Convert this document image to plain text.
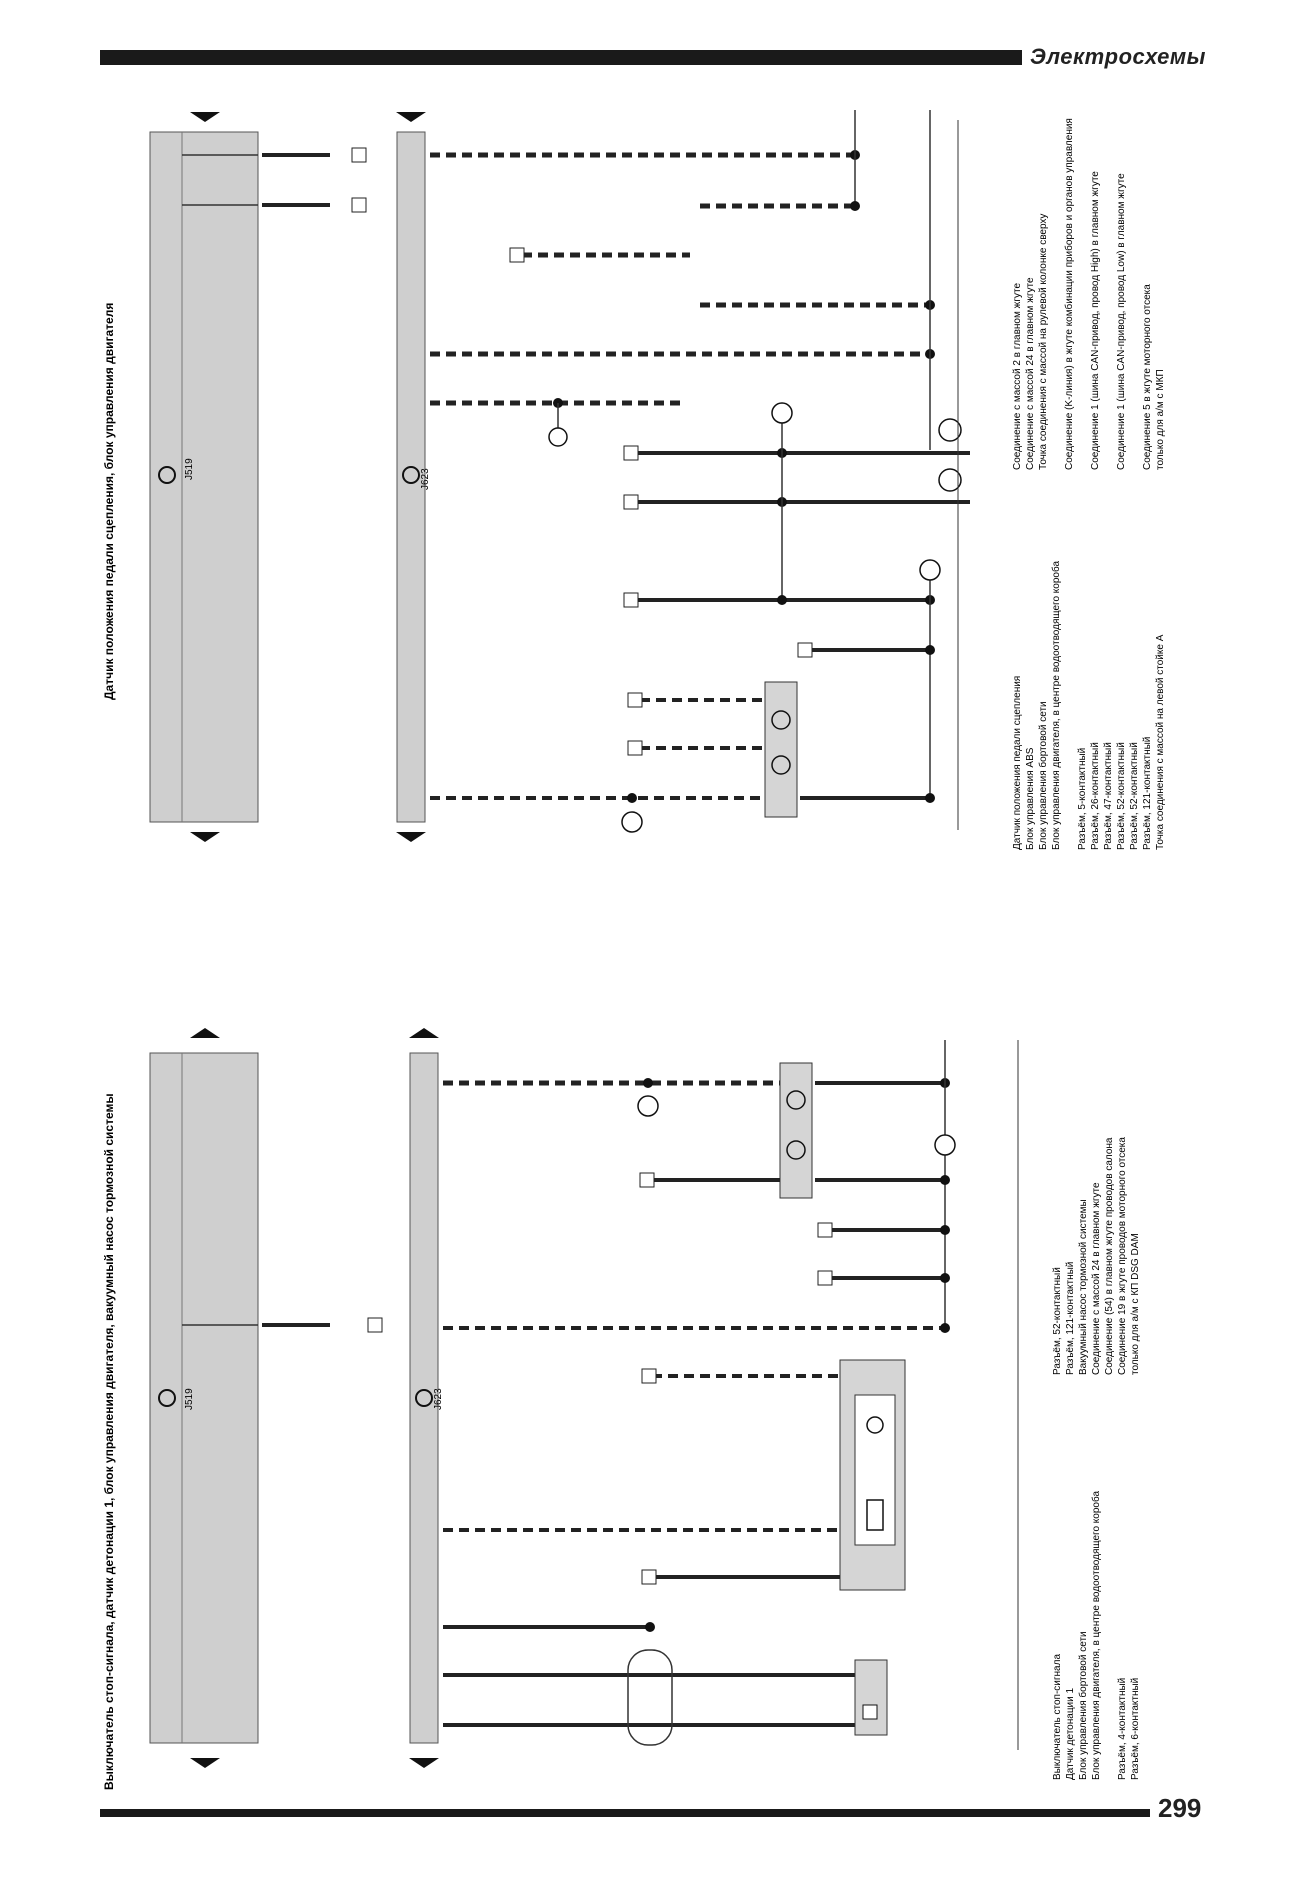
Электросхемы
299
J519	J623
Датчик положения педали сцепления, блок управления двигателя
Датчик положения педали сцепления Блок управления ABS Блок управления бортовой сети Блок управления двигателя, в центре водоотводящего короба Разъём, 5-контактный Разъём, 26-контактный Разъём, 47-контактный Разъём, 52-контактный Разъём, 52-контактный Разъём, 121-контактный Точка соединения с массой на левой стойке A
Соединение с массой 2 в главном жгуте Соединение с массой 24 в главном жгуте Точка соединения с массой на рулевой колонке сверху Соединение (K-линия) в жгуте комбинации приборов и органов управления Соединение 1 (шина CAN-привод, провод High) в главном жгуте Соединение 1 (шина CAN-привод, провод Low) в главном жгуте Соединение 5 в жгуте моторного отсека только для а/м с МКП
J519	J623
Выключатель стоп-сигнала, датчик детонации 1, блок управления двигателя, вакуумный насос тормозной системы	Выключатель стоп-сигнала Датчик детонации 1 Блок управления бортовой сети Блок управления двигателя, в центре водоотводящего короба Разъём, 4-контактный Разъём, 6-контактный
Разъём, 52-контактный Разъём, 121-контактный Вакуумный насос тормозной системы Соединение с массой 24 в главном жгуте Соединение (54) в главном жгуте проводов салона Соединение 19 в жгуте проводов моторного отсека только для а/м с КП DSG DAM
